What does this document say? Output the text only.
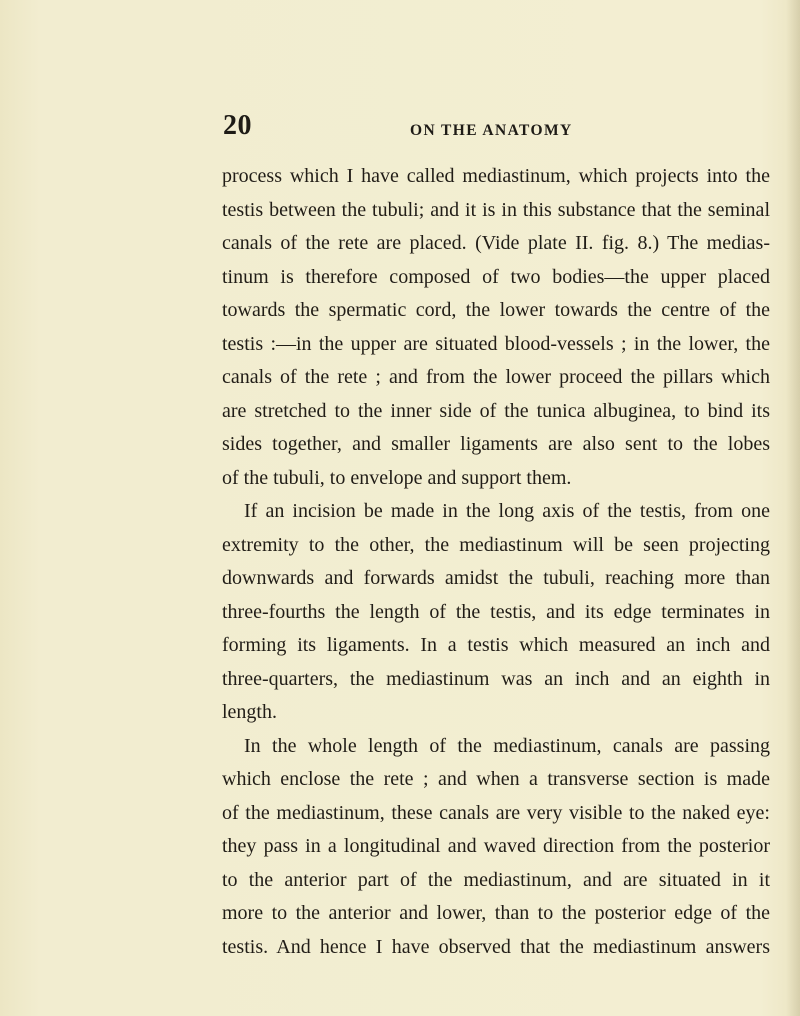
20	ON THE ANATOMY
process which I have called mediastinum, which projects into the
testis between the tubuli; and it is in this substance that the seminal
canals of the rete are placed. (Vide plate II. fig. 8.) The medias-
tinum is therefore composed of two bodies—the upper placed
towards the spermatic cord, the lower towards the centre of the
testis :—in the upper are situated blood-vessels ; in the lower, the
canals of the rete ; and from the lower proceed the pillars which
are stretched to the inner side of the tunica albuginea, to bind its
sides together, and smaller ligaments are also sent to the lobes
of the tubuli, to envelope and support them.
If an incision be made in the long axis of the testis, from one
extremity to the other, the mediastinum will be seen projecting
downwards and forwards amidst the tubuli, reaching more than
three-fourths the length of the testis, and its edge terminates in
forming its ligaments. In a testis which measured an inch and
three-quarters, the mediastinum was an inch and an eighth in
length.
In the whole length of the mediastinum, canals are passing
which enclose the rete ; and when a transverse section is made
of the mediastinum, these canals are very visible to the naked eye:
they pass in a longitudinal and waved direction from the posterior
to the anterior part of the mediastinum, and are situated in it
more to the anterior and lower, than to the posterior edge of the
testis. And hence I have observed that the mediastinum answers
